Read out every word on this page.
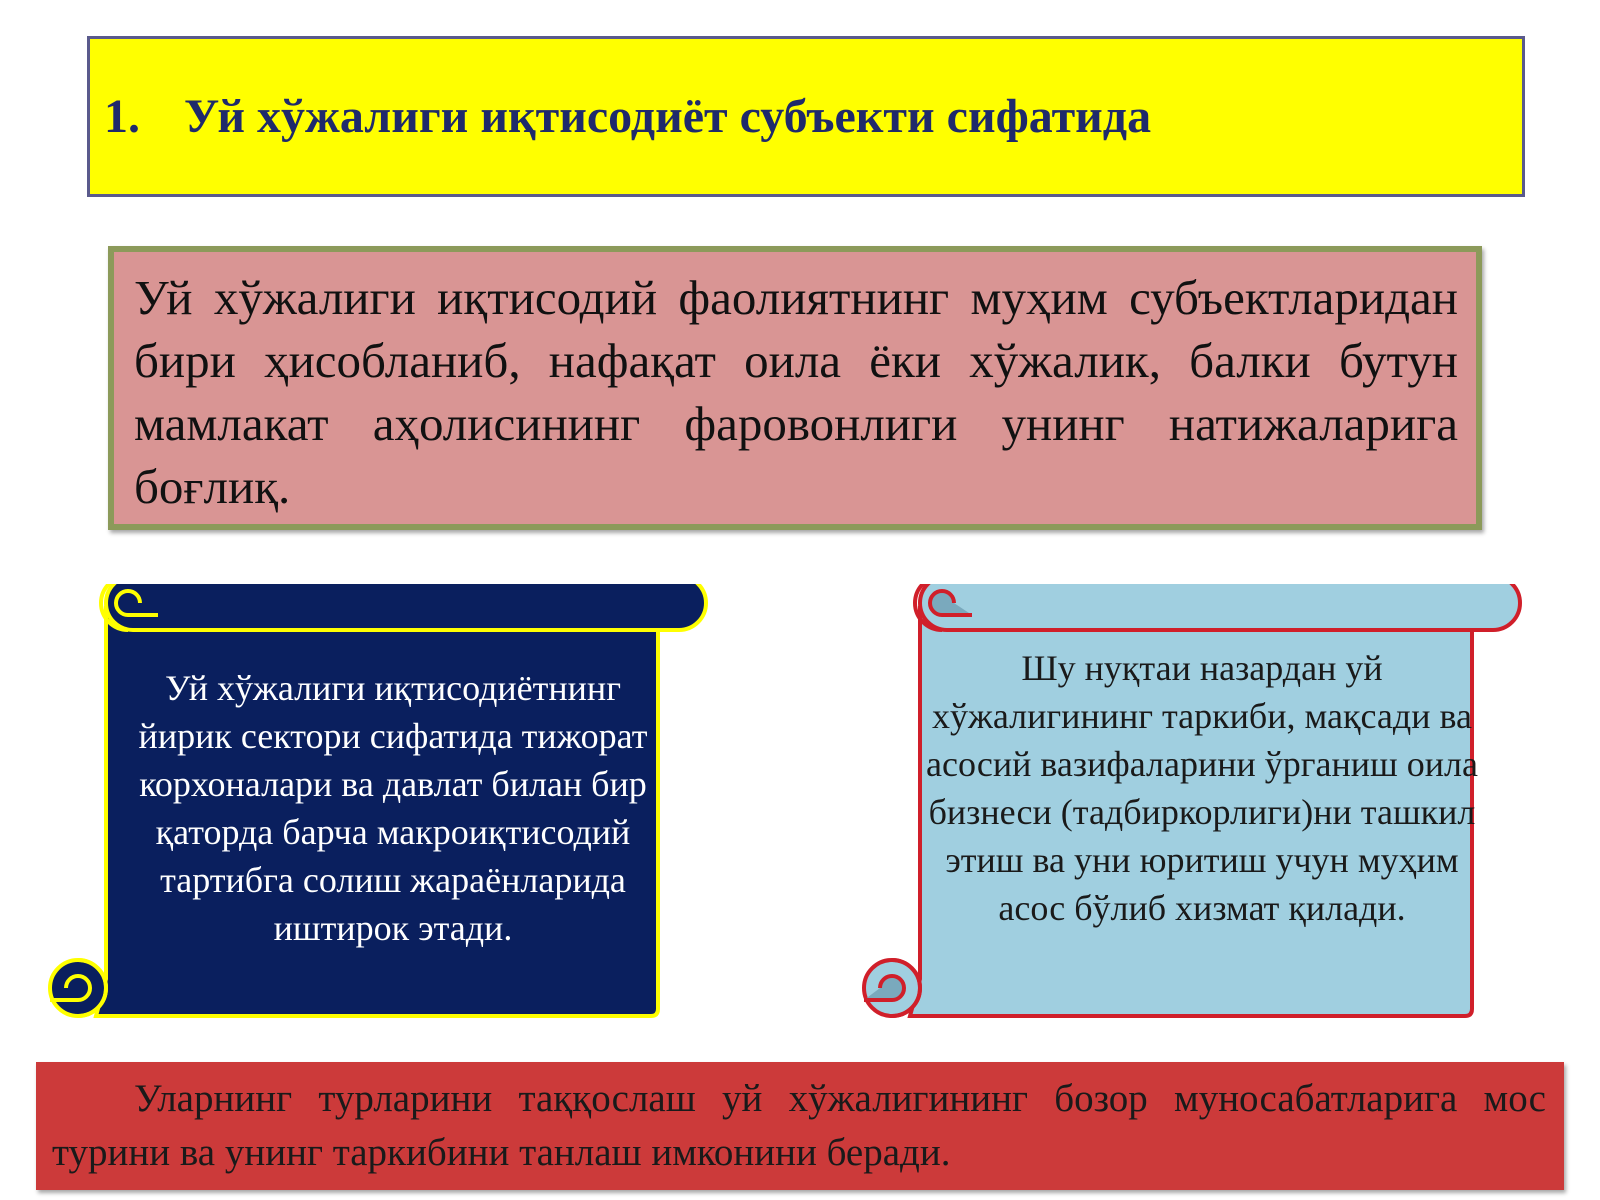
1. Уй хўжалиги иқтисодиёт субъекти сифатида

Уй хўжалиги иқтисодий фаолиятнинг муҳим субъектларидан бири ҳисобланиб, нафақат оила ёки хўжалик, балки бутун мамлакат аҳолисининг фаровонлиги унинг натижаларига боғлиқ.

Уй хўжалиги иқтисодиётнинг йирик сектори сифатида тижорат корхоналари ва давлат билан бир қаторда барча макроиқтисодий тартибга солиш жараёнларида иштирок этади.

Шу нуқтаи назардан уй хўжалигининг таркиби, мақсади ва асосий вазифаларини ўрганиш оила бизнеси (тадбиркорлиги)ни ташкил этиш ва уни юритиш учун муҳим асос бўлиб хизмат қилади.

Уларнинг турларини таққослаш уй хўжалигининг бозор муносабатларига мос турини ва унинг таркибини танлаш имконини беради.
